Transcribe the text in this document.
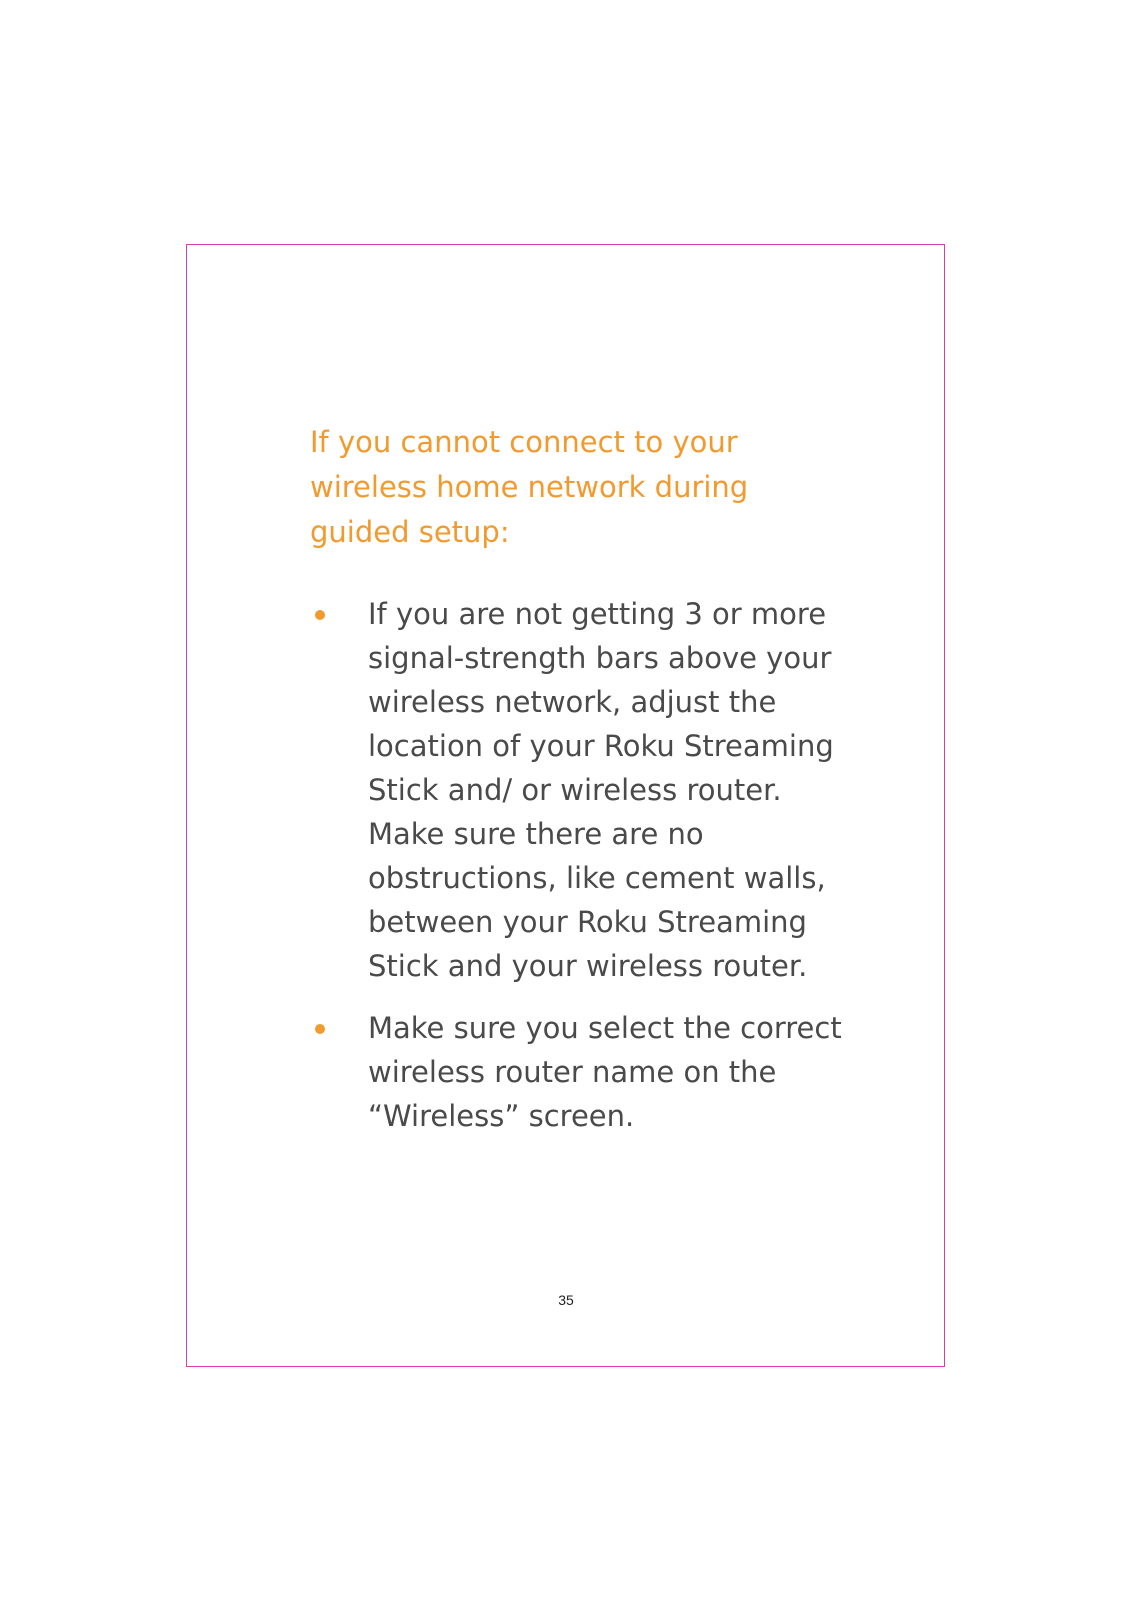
If you cannot connect to your wireless home network during guided setup:
If you are not getting 3 or more signal-strength bars above your wireless network, adjust the location of your Roku Streaming Stick and/ or wireless router. Make sure there are no obstructions, like cement walls, between your Roku Streaming Stick and your wireless router.
Make sure you select the correct wireless router name on the “Wireless” screen.
35
